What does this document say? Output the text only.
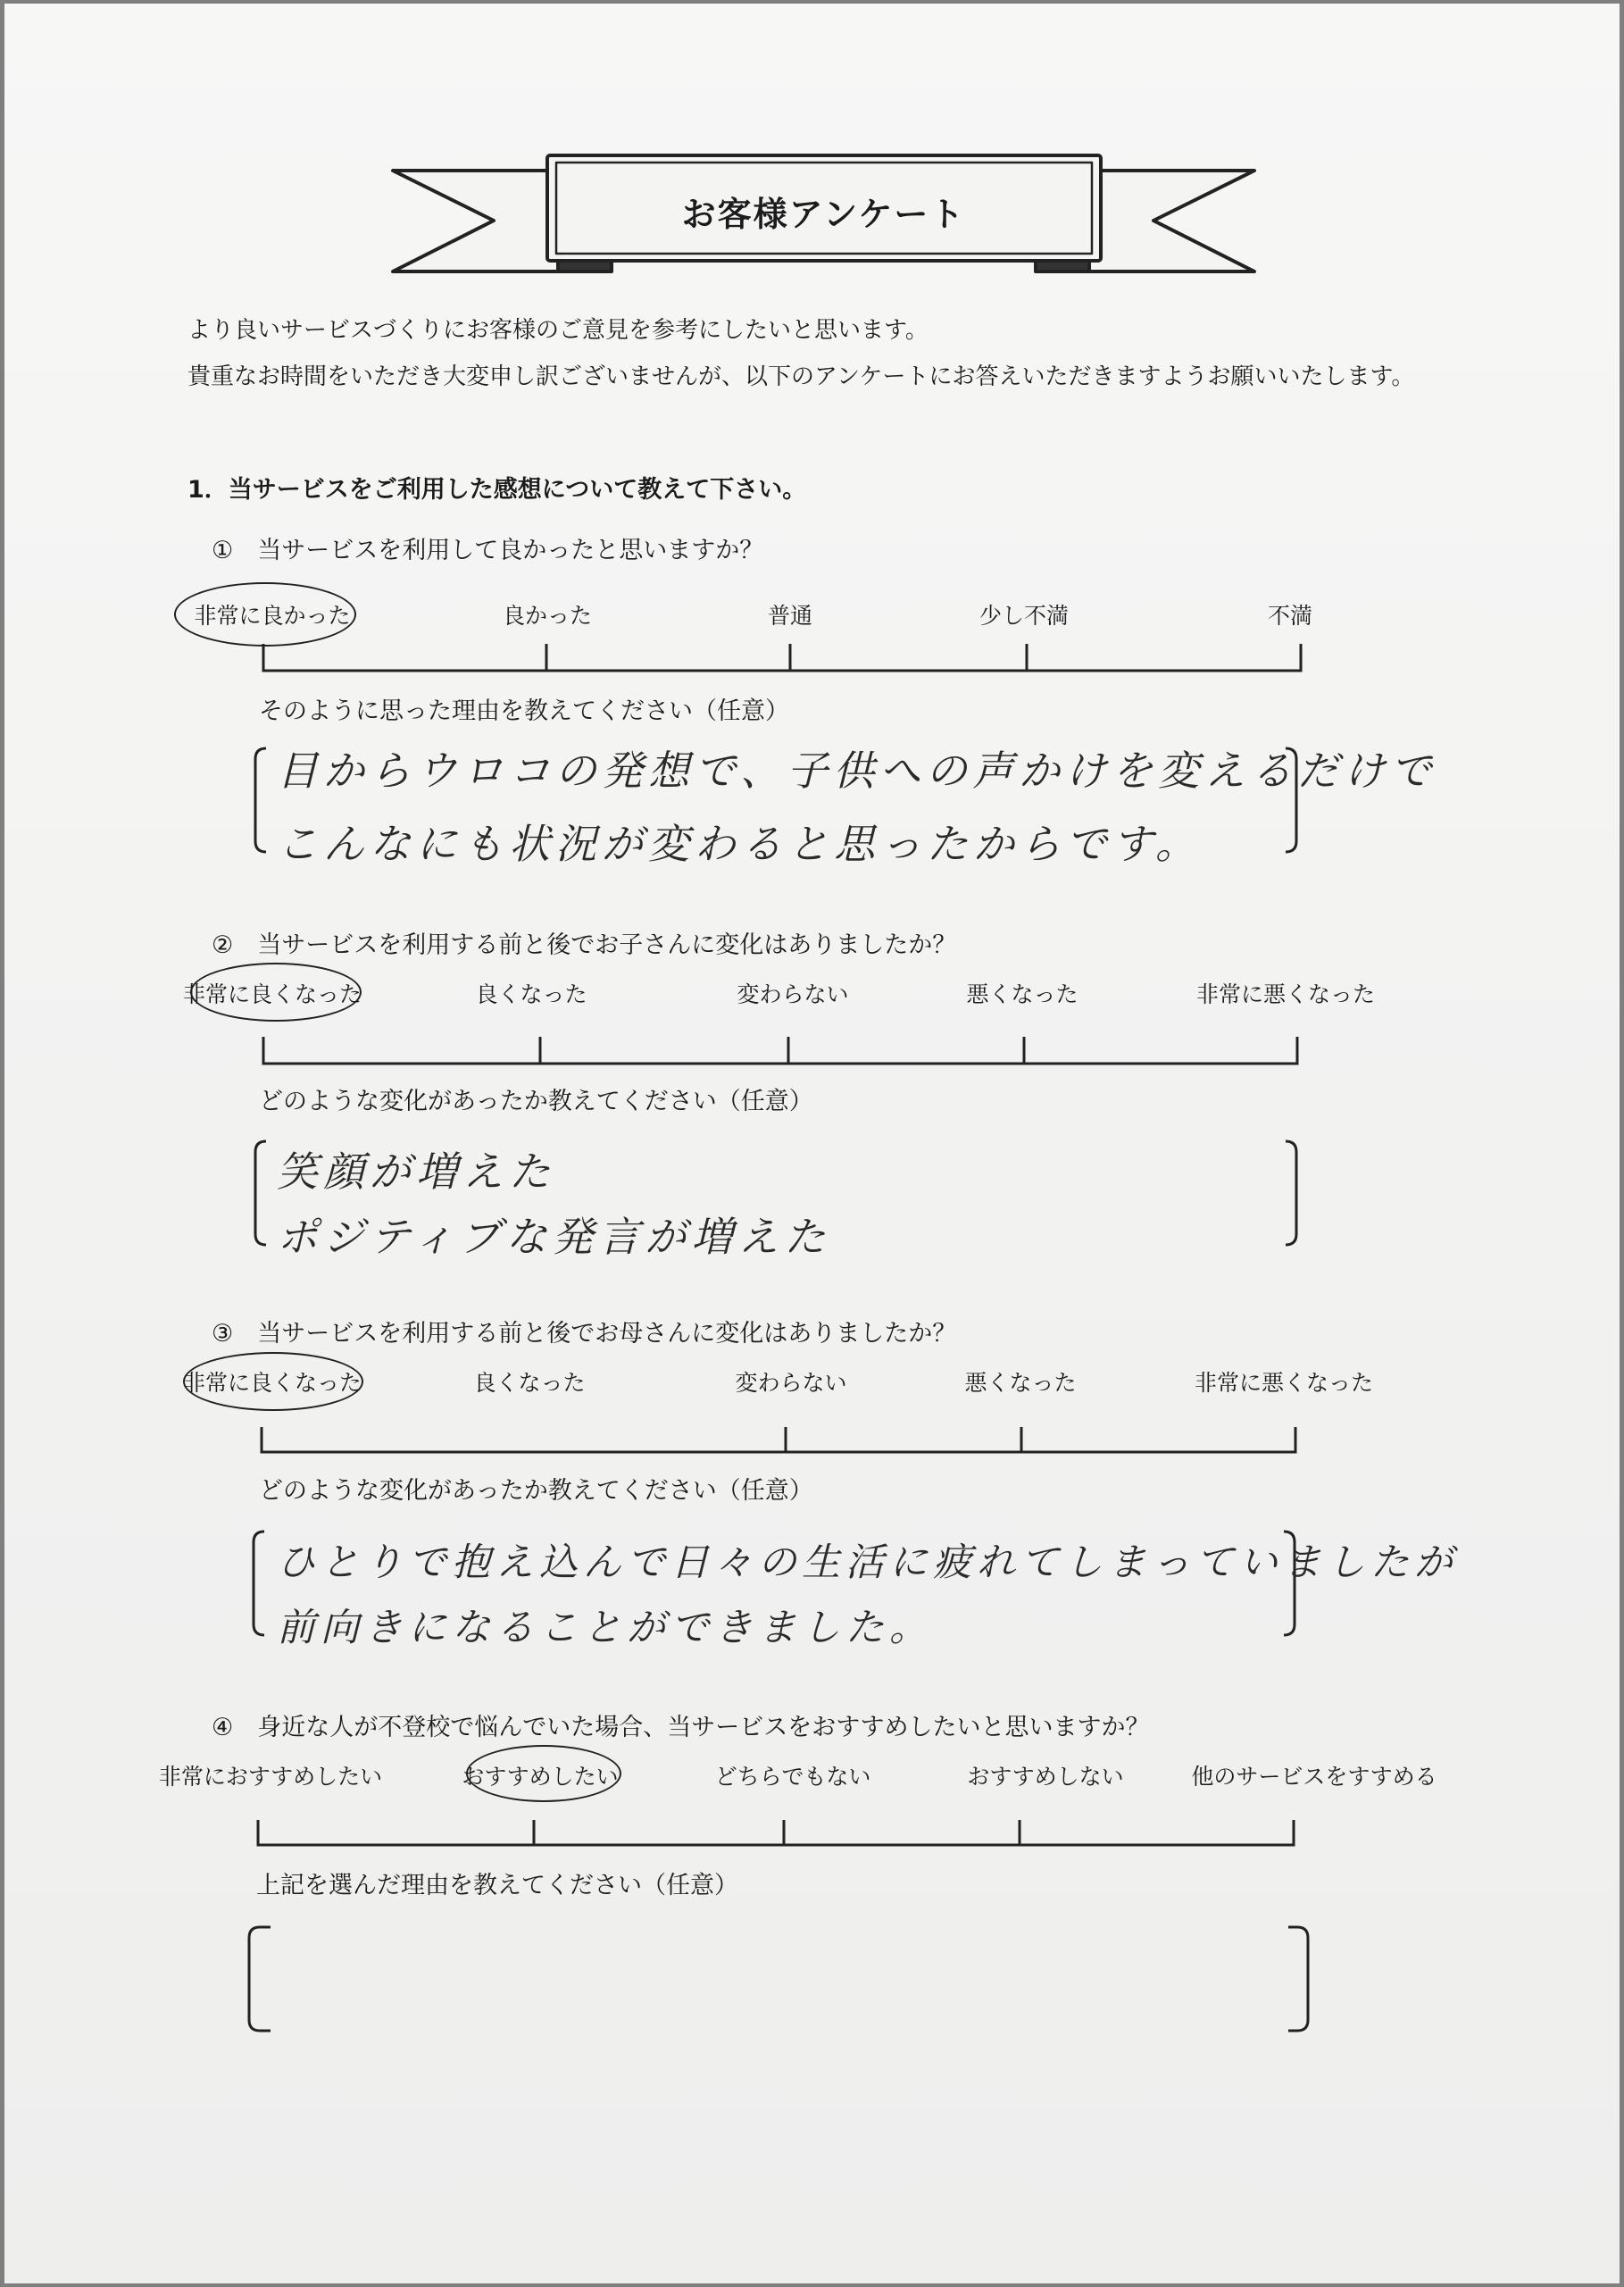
お客様アンケート
より良いサービスづくりにお客様のご意見を参考にしたいと思います。
貴重なお時間をいただき大変申し訳ございませんが、以下のアンケートにお答えいただきますようお願いいたします。
1．当サービスをご利用した感想について教えて下さい。
①　 当サービスを利用して良かったと思いますか？
非常に良かった	良かった	普通	少し不満	不満
そのように思った理由を教えてください（任意）
目からウロコの発想で、子供への声かけを変えるだけで
こんなにも状況が変わると思ったからです。
②　 当サービスを利用する前と後でお子さんに変化はありましたか？
非常に良くなった	良くなった	変わらない	悪くなった	非常に悪くなった
どのような変化があったか教えてください（任意）
笑顔が増えた
ポジティブな発言が増えた
③　 当サービスを利用する前と後でお母さんに変化はありましたか？
非常に良くなった	良くなった	変わらない	悪くなった	非常に悪くなった
どのような変化があったか教えてください（任意）
ひとりで抱え込んで日々の生活に疲れてしまっていましたが
前向きになることができました。
④　 身近な人が不登校で悩んでいた場合、当サービスをおすすめしたいと思いますか？
非常におすすめしたい	おすすめしたい	どちらでもない	おすすめしない	他のサービスをすすめる
上記を選んだ理由を教えてください（任意）
